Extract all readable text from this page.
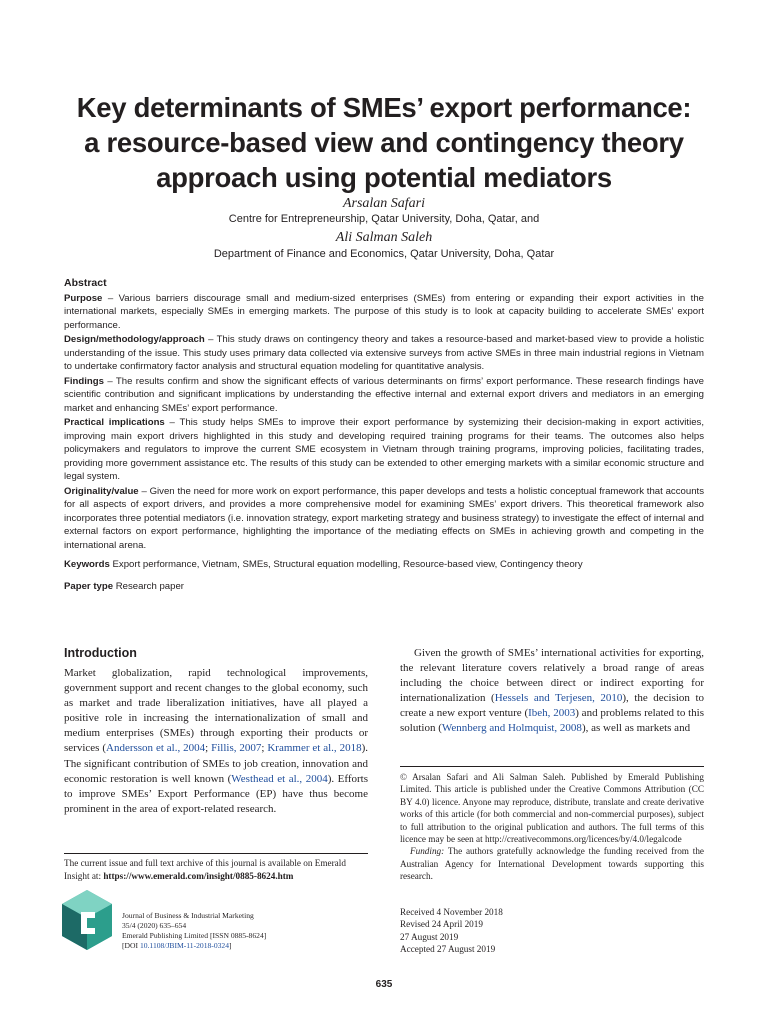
Key determinants of SMEs’ export performance:
a resource-based view and contingency theory
approach using potential mediators
Arsalan Safari
Centre for Entrepreneurship, Qatar University, Doha, Qatar, and
Ali Salman Saleh
Department of Finance and Economics, Qatar University, Doha, Qatar
Abstract

Purpose – Various barriers discourage small and medium-sized enterprises (SMEs) from entering or expanding their export activities in the international markets, especially SMEs in emerging markets. The purpose of this study is to look at capacity building to accelerate SMEs’ export performance.

Design/methodology/approach – This study draws on contingency theory and takes a resource-based and market-based view to provide a holistic understanding of the issue. This study uses primary data collected via extensive surveys from active SMEs in three main industrial regions in Vietnam to undertake confirmatory factor analysis and structural equation modeling for quantitative analysis.

Findings – The results confirm and show the significant effects of various determinants on firms’ export performance. These research findings have scientific contribution and significant implications by understanding the effective internal and external export drivers and mediators in an emerging market and enhancing SMEs’ export performance.

Practical implications – This study helps SMEs to improve their export performance by systemizing their decision-making in export activities, improving main export drivers highlighted in this study and developing required training programs for their teams. The outcomes also helps policymakers and regulators to improve the current SME ecosystem in Vietnam through training programs, improving policies, facilitating trades, providing more government assistance etc. The results of this study can be extended to other emerging markets with a similar economic structure and legal system.

Originality/value – Given the need for more work on export performance, this paper develops and tests a holistic conceptual framework that accounts for all aspects of export drivers, and provides a more comprehensive model for examining SMEs’ export drivers. This theoretical framework also incorporates three potential mediators (i.e. innovation strategy, export marketing strategy and business strategy) to investigate the effect of internal and external factors on export performance, highlighting the importance of the mediating effects on SMEs in achieving growth and competing in the international arena.

Keywords Export performance, Vietnam, SMEs, Structural equation modelling, Resource-based view, Contingency theory

Paper type Research paper

Introduction

Market globalization, rapid technological improvements, government support and recent changes to the global economy, such as market and trade liberalization initiatives, have all played a positive role in increasing the internationalization of small and medium enterprises (SMEs) through exporting their products or services (Andersson et al., 2004; Fillis, 2007; Krammer et al., 2018). The significant contribution of SMEs to job creation, innovation and economic restoration is well known (Westhead et al., 2004). Efforts to improve SMEs’ Export Performance (EP) have thus become prominent in the area of export-related research.

Given the growth of SMEs’ international activities for exporting, the relevant literature covers relatively a broad range of areas including the choice between direct or indirect exporting for internationalization (Hessels and Terjesen, 2010), the decision to create a new export venture (Ibeh, 2003) and problems related to this solution (Wennberg and Holmquist, 2008), as well as markets and

© Arsalan Safari and Ali Salman Saleh. Published by Emerald Publishing Limited. This article is published under the Creative Commons Attribution (CC BY 4.0) licence. Anyone may reproduce, distribute, translate and create derivative works of this article (for both commercial and non-commercial purposes), subject to full attribution to the original publication and authors. The full terms of this licence may be seen at http://creativecommons.org/licences/by/4.0/legalcode

Funding: The authors gratefully acknowledge the funding received from the Australian Agency for International Development towards supporting this research.

Received 4 November 2018
Revised 24 April 2019
27 August 2019
Accepted 27 August 2019
The current issue and full text archive of this journal is available on Emerald Insight at: https://www.emerald.com/insight/0885-8624.htm
Journal of Business & Industrial Marketing
35/4 (2020) 635–654
Emerald Publishing Limited [ISSN 0885-8624]
[DOI 10.1108/JBIM-11-2018-0324]
635
